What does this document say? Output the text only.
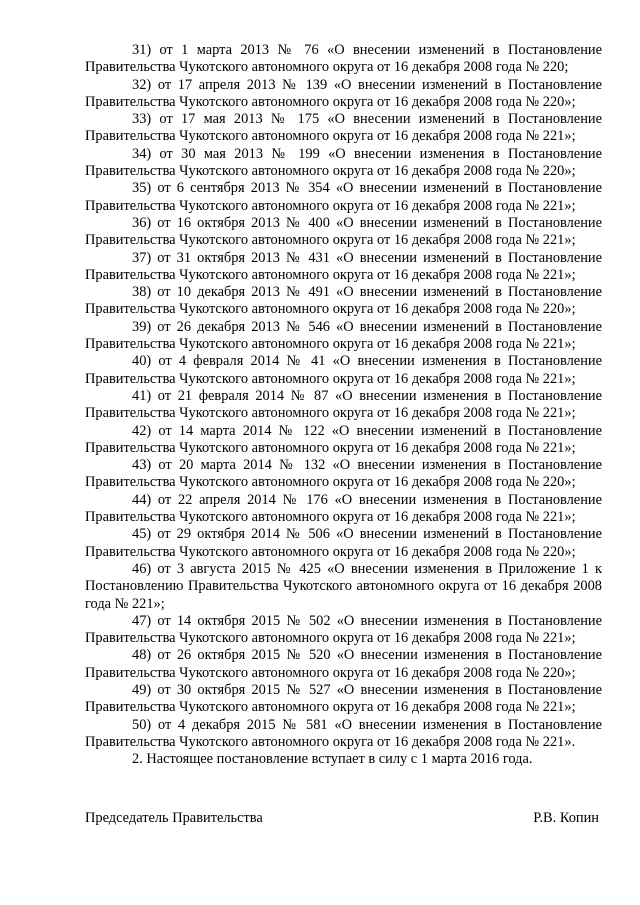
31) от 1 марта 2013 № 76 «О внесении изменений в Постановление Правительства Чукотского автономного округа от 16 декабря 2008 года № 220;

32) от 17 апреля 2013 № 139 «О внесении изменений в Постановление Правительства Чукотского автономного округа от 16 декабря 2008 года № 220»;

33) от 17 мая 2013 № 175 «О внесении изменений в Постановление Правительства Чукотского автономного округа от 16 декабря 2008 года № 221»;

34) от 30 мая 2013 № 199 «О внесении изменения в Постановление Правительства Чукотского автономного округа от 16 декабря 2008 года № 220»;

35) от 6 сентября 2013 № 354 «О внесении изменений в Постановление Правительства Чукотского автономного округа от 16 декабря 2008 года № 221»;

36) от 16 октября 2013 № 400 «О внесении изменений в Постановление Правительства Чукотского автономного округа от 16 декабря 2008 года № 221»;

37) от 31 октября 2013 № 431 «О внесении изменений в Постановление Правительства Чукотского автономного округа от 16 декабря 2008 года № 221»;

38) от 10 декабря 2013 № 491 «О внесении изменений в Постановление Правительства Чукотского автономного округа от 16 декабря 2008 года № 220»;

39) от 26 декабря 2013 № 546 «О внесении изменений в Постановление Правительства Чукотского автономного округа от 16 декабря 2008 года № 221»;

40) от 4 февраля 2014 № 41 «О внесении изменения в Постановление Правительства Чукотского автономного округа от 16 декабря 2008 года № 221»;

41) от 21 февраля 2014 № 87 «О внесении изменения в Постановление Правительства Чукотского автономного округа от 16 декабря 2008 года № 221»;

42) от 14 марта 2014 № 122 «О внесении изменений в Постановление Правительства Чукотского автономного округа от 16 декабря 2008 года № 221»;

43) от 20 марта 2014 № 132 «О внесении изменения в Постановление Правительства Чукотского автономного округа от 16 декабря 2008 года № 220»;

44) от 22 апреля 2014 № 176 «О внесении изменения в Постановление Правительства Чукотского автономного округа от 16 декабря 2008 года № 221»;

45) от 29 октября 2014 № 506 «О внесении изменений в Постановление Правительства Чукотского автономного округа от 16 декабря 2008 года № 220»;

46) от 3 августа 2015 № 425 «О внесении изменения в Приложение 1 к Постановлению Правительства Чукотского автономного округа от 16 декабря 2008 года № 221»;

47) от 14 октября 2015 № 502 «О внесении изменения в Постановление Правительства Чукотского автономного округа от 16 декабря 2008 года № 221»;

48) от 26 октября 2015 № 520 «О внесении изменения в Постановление Правительства Чукотского автономного округа от 16 декабря 2008 года № 220»;

49) от 30 октября 2015 № 527 «О внесении изменения в Постановление Правительства Чукотского автономного округа от 16 декабря 2008 года № 221»;

50) от 4 декабря 2015 № 581 «О внесении изменения в Постановление Правительства Чукотского автономного округа от 16 декабря 2008 года № 221».

2. Настоящее постановление вступает в силу с 1 марта 2016 года.

Председатель Правительства	Р.В. Копин
